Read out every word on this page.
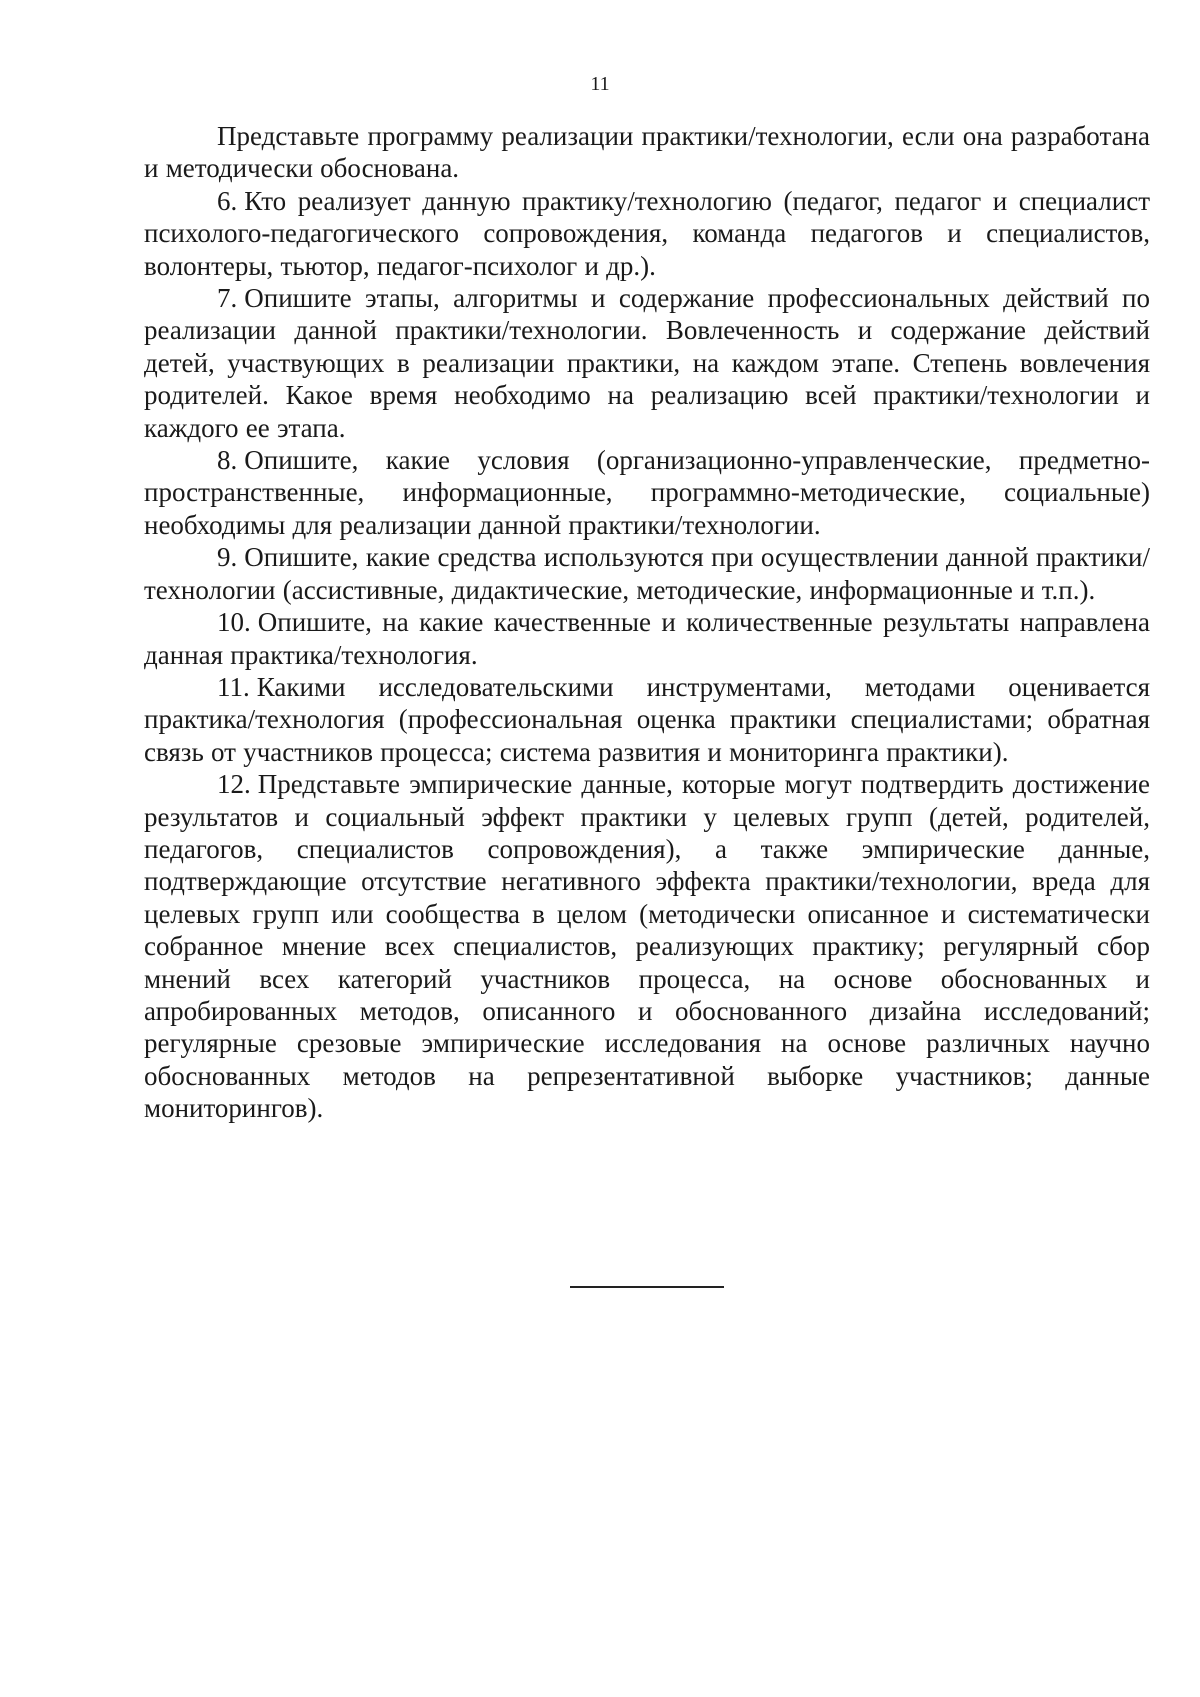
11

Представьте программу реализации практики/технологии, если она разработана и методически обоснована.

6. Кто реализует данную практику/технологию (педагог, педагог и специалист психолого-педагогического сопровождения, команда педагогов и специалистов, волонтеры, тьютор, педагог-психолог и др.).

7. Опишите этапы, алгоритмы и содержание профессиональных действий по реализации данной практики/технологии. Вовлеченность и содержание действий детей, участвующих в реализации практики, на каждом этапе. Степень вовлечения родителей. Какое время необходимо на реализацию всей практики/технологии и каждого ее этапа.

8. Опишите, какие условия (организационно-управленческие, предметно-пространственные, информационные, программно-методические, социальные) необходимы для реализации данной практики/технологии.

9. Опишите, какие средства используются при осуществлении данной практики/технологии (ассистивные, дидактические, методические, информационные и т.п.).

10. Опишите, на какие качественные и количественные результаты направлена данная практика/технология.

11. Какими исследовательскими инструментами, методами оценивается практика/технология (профессиональная оценка практики специалистами; обратная связь от участников процесса; система развития и мониторинга практики).

12. Представьте эмпирические данные, которые могут подтвердить достижение результатов и социальный эффект практики у целевых групп (детей, родителей, педагогов, специалистов сопровождения), а также эмпирические данные, подтверждающие отсутствие негативного эффекта практики/технологии, вреда для целевых групп или сообщества в целом (методически описанное и систематически собранное мнение всех специалистов, реализующих практику; регулярный сбор мнений всех категорий участников процесса, на основе обоснованных и апробированных методов, описанного и обоснованного дизайна исследований; регулярные срезовые эмпирические исследования на основе различных научно обоснованных методов на репрезентативной выборке участников; данные мониторингов).
